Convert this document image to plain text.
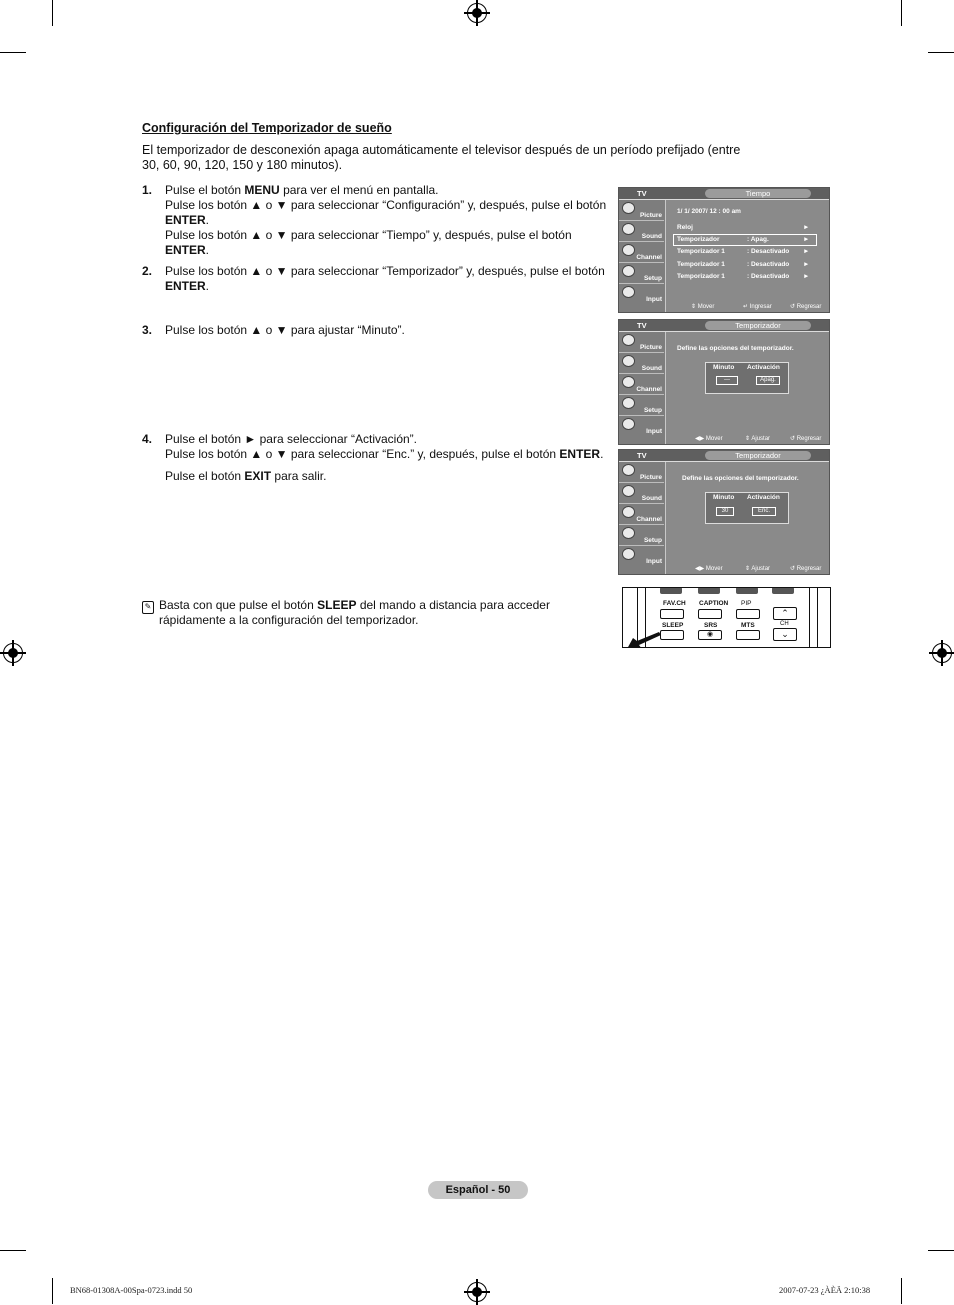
Configuración del Temporizador de sueño
El temporizador de desconexión apaga automáticamente el televisor después de un período prefijado (entre 30, 60, 90, 120, 150 y 180 minutos).
1. Pulse el botón MENU para ver el menú en pantalla.
Pulse los botón ▲ o ▼ para seleccionar “Configuración” y, después, pulse el botón ENTER.
Pulse los botón ▲ o ▼ para seleccionar “Tiempo” y, después, pulse el botón ENTER.
2. Pulse los botón ▲ o ▼ para seleccionar “Temporizador” y, después, pulse el botón ENTER.
3. Pulse los botón ▲ o ▼ para ajustar “Minuto”.
4. Pulse el botón ► para seleccionar “Activación”.
Pulse los botón ▲ o ▼ para seleccionar “Enc.” y, después, pulse el botón ENTER.
Pulse el botón EXIT para salir.
✎ Basta con que pulse el botón SLEEP del mando a distancia para acceder rápidamente a la configuración del temporizador.
TV	Tiempo
Picture
Sound
Channel
Setup
Input
1/ 1/ 2007/ 12 : 00 am
Reloj	►
Temporizador	: Apag.	►
Temporizador 1	: Desactivado ►
Temporizador 1	: Desactivado ►
Temporizador 1	: Desactivado ►
⇕ Mover	↵ Ingresar	↺ Regresar
TV	Temporizador
Picture
Sound
Channel
Setup
Input
Define las opciones del temporizador.
Minuto Activación
---	Apag.
◀▶ Mover	⇕ Ajustar	↺ Regresar
TV	Temporizador
Picture
Sound
Channel
Setup
Input
Define las opciones del temporizador.
Minuto Activación
30	Enc.
◀▶ Mover	⇕ Ajustar	↺ Regresar
FAV.CH CAPTION PIP
⌃
SLEEP	SRS	MTS	CH
◉	⌄
Español - 50
BN68-01308A-00Spa-0723.indd 50	2007-07-23 ¿ÀÈÄ 2:10:38
